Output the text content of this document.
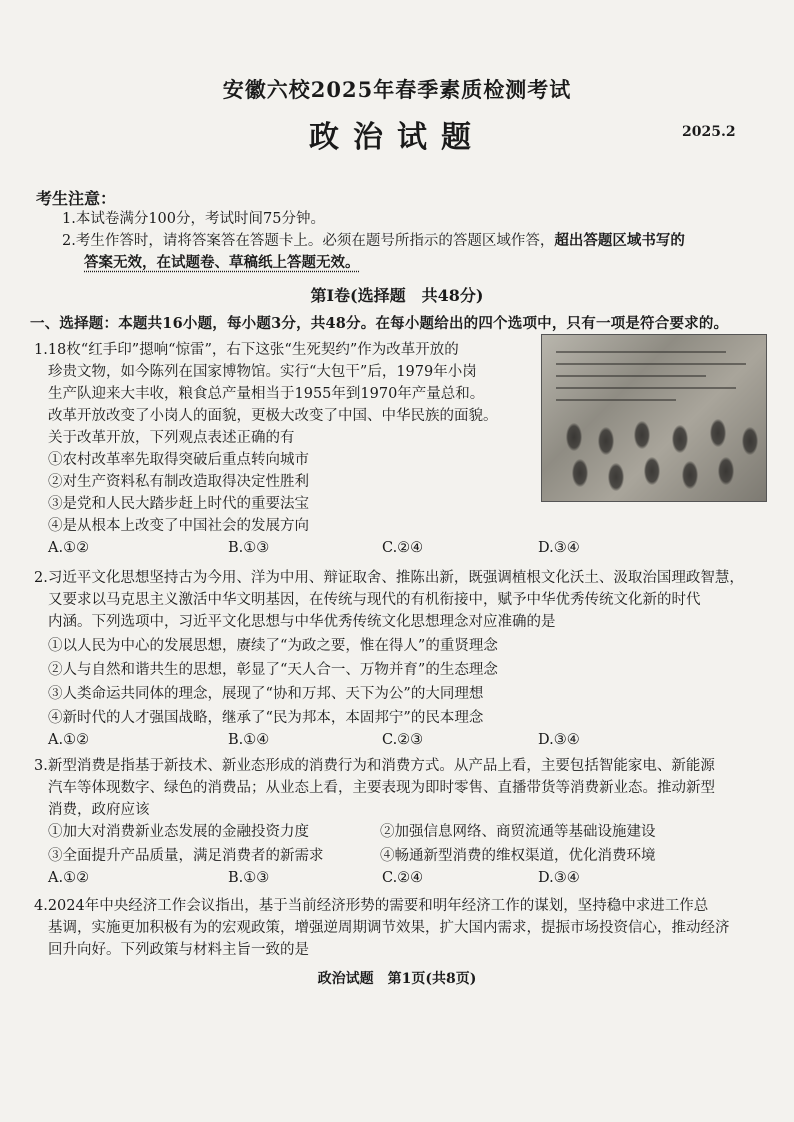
安徽六校2025年春季素质检测考试
政治试题	2025.2
考生注意：
1.本试卷满分100分，考试时间75分钟。
2.考生作答时，请将答案答在答题卡上。必须在题号所指示的答题区域作答，超出答题区域书写的
答案无效，在试题卷、草稿纸上答题无效。
第Ⅰ卷(选择题　共48分)
一、选择题：本题共16小题，每小题3分，共48分。在每小题给出的四个选项中，只有一项是符合要求的。
1.18枚“红手印”摁响“惊雷”，右下这张“生死契约”作为改革开放的
珍贵文物，如今陈列在国家博物馆。实行“大包干”后，1979年小岗
生产队迎来大丰收，粮食总产量相当于1955年到1970年产量总和。
改革开放改变了小岗人的面貌，更极大改变了中国、中华民族的面貌。
关于改革开放，下列观点表述正确的有
①农村改革率先取得突破后重点转向城市
②对生产资料私有制改造取得决定性胜利
③是党和人民大踏步赶上时代的重要法宝
④是从根本上改变了中国社会的发展方向
A.①②	B.①③	C.②④	D.③④
2.习近平文化思想坚持古为今用、洋为中用、辩证取舍、推陈出新，既强调植根文化沃土、汲取治国理政智慧，
又要求以马克思主义激活中华文明基因，在传统与现代的有机衔接中，赋予中华优秀传统文化新的时代
内涵。下列选项中，习近平文化思想与中华优秀传统文化思想理念对应准确的是
①以人民为中心的发展思想，赓续了“为政之要，惟在得人”的重贤理念
②人与自然和谐共生的思想，彰显了“天人合一、万物并育”的生态理念
③人类命运共同体的理念，展现了“协和万邦、天下为公”的大同理想
④新时代的人才强国战略，继承了“民为邦本，本固邦宁”的民本理念
A.①②	B.①④	C.②③	D.③④
3.新型消费是指基于新技术、新业态形成的消费行为和消费方式。从产品上看，主要包括智能家电、新能源
汽车等体现数字、绿色的消费品；从业态上看，主要表现为即时零售、直播带货等消费新业态。推动新型
消费，政府应该
①加大对消费新业态发展的金融投资力度	②加强信息网络、商贸流通等基础设施建设
③全面提升产品质量，满足消费者的新需求	④畅通新型消费的维权渠道，优化消费环境
A.①②	B.①③	C.②④	D.③④
4.2024年中央经济工作会议指出，基于当前经济形势的需要和明年经济工作的谋划，坚持稳中求进工作总
基调，实施更加积极有为的宏观政策，增强逆周期调节效果，扩大国内需求，提振市场投资信心，推动经济
回升向好。下列政策与材料主旨一致的是
政治试题　第1页(共8页)
